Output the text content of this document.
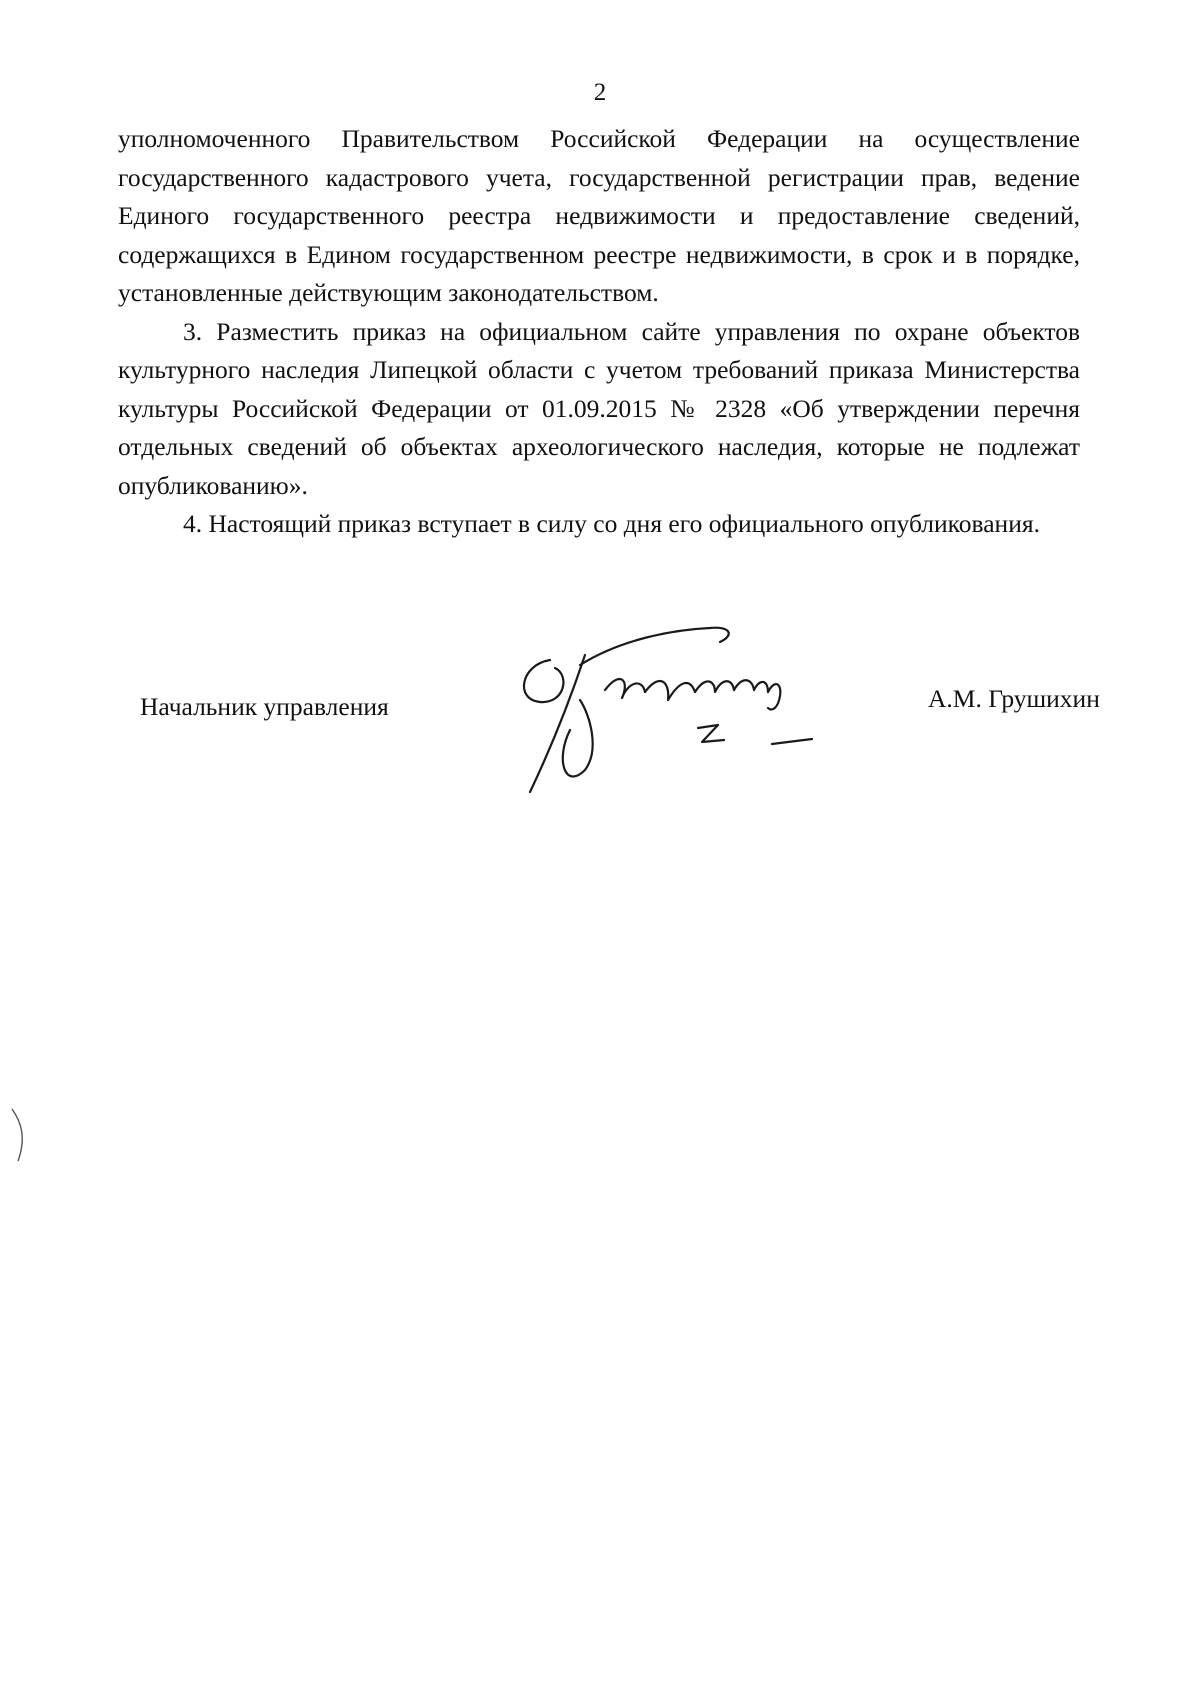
2

уполномоченного Правительством Российской Федерации на осуществление государственного кадастрового учета, государственной регистрации прав, ведение Единого государственного реестра недвижимости и предоставление сведений, содержащихся в Едином государственном реестре недвижимости, в срок и в порядке, установленные действующим законодательством.

3. Разместить приказ на официальном сайте управления по охране объектов культурного наследия Липецкой области с учетом требований приказа Министерства культуры Российской Федерации от 01.09.2015 № 2328 «Об утверждении перечня отдельных сведений об объектах археологического наследия, которые не подлежат опубликованию».

4. Настоящий приказ вступает в силу со дня его официального опубликования.

Начальник управления	А.М. Грушихин
